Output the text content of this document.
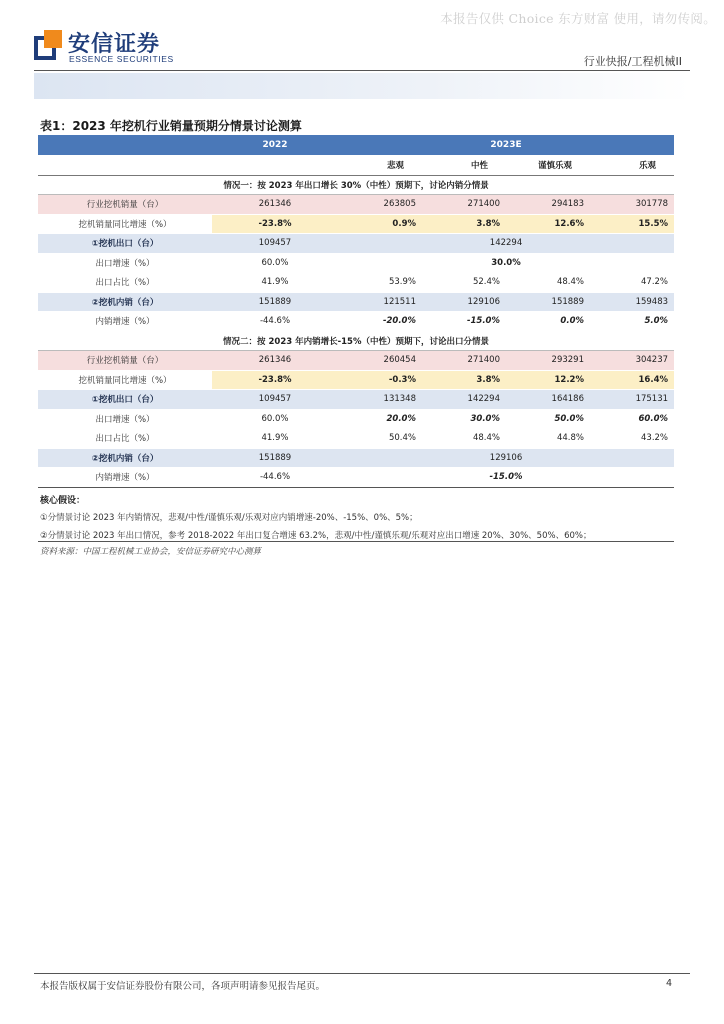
本报告仅供 Choice 东方财富 使用，请勿传阅。
安信证券
ESSENCE SECURITIES	行业快报/工程机械II
表1：2023 年挖机行业销量预期分情景讨论测算
	2022	2023E			
		悲观	中性	谨慎乐观	乐观
情况一：按 2023 年出口增长 30%（中性）预期下，讨论内销分情景					
行业挖机销量（台）	261346	263805	271400	294183	301778
挖机销量同比增速（%）	-23.8%	0.9%	3.8%	12.6%	15.5%
①挖机出口（台）	109457	142294			
出口增速（%）	60.0%	30.0%			
出口占比（%）	41.9%	53.9%	52.4%	48.4%	47.2%
②挖机内销（台）	151889	121511	129106	151889	159483
内销增速（%）	-44.6%	-20.0%	-15.0%	0.0%	5.0%
情况二：按 2023 年内销增长-15%（中性）预期下，讨论出口分情景					
行业挖机销量（台）	261346	260454	271400	293291	304237
挖机销量同比增速（%）	-23.8%	-0.3%	3.8%	12.2%	16.4%
①挖机出口（台）	109457	131348	142294	164186	175131
出口增速（%）	60.0%	20.0%	30.0%	50.0%	60.0%
出口占比（%）	41.9%	50.4%	48.4%	44.8%	43.2%
②挖机内销（台）	151889	129106			
内销增速（%）	-44.6%	-15.0%			
核心假设：
①分情景讨论 2023 年内销情况，悲观/中性/谨慎乐观/乐观对应内销增速-20%、-15%、0%、5%；
②分情景讨论 2023 年出口情况，参考 2018-2022 年出口复合增速 63.2%，悲观/中性/谨慎乐观/乐观对应出口增速 20%、30%、50%、60%；
资料来源：中国工程机械工业协会，安信证券研究中心测算
本报告版权属于安信证券股份有限公司，各项声明请参见报告尾页。	4
